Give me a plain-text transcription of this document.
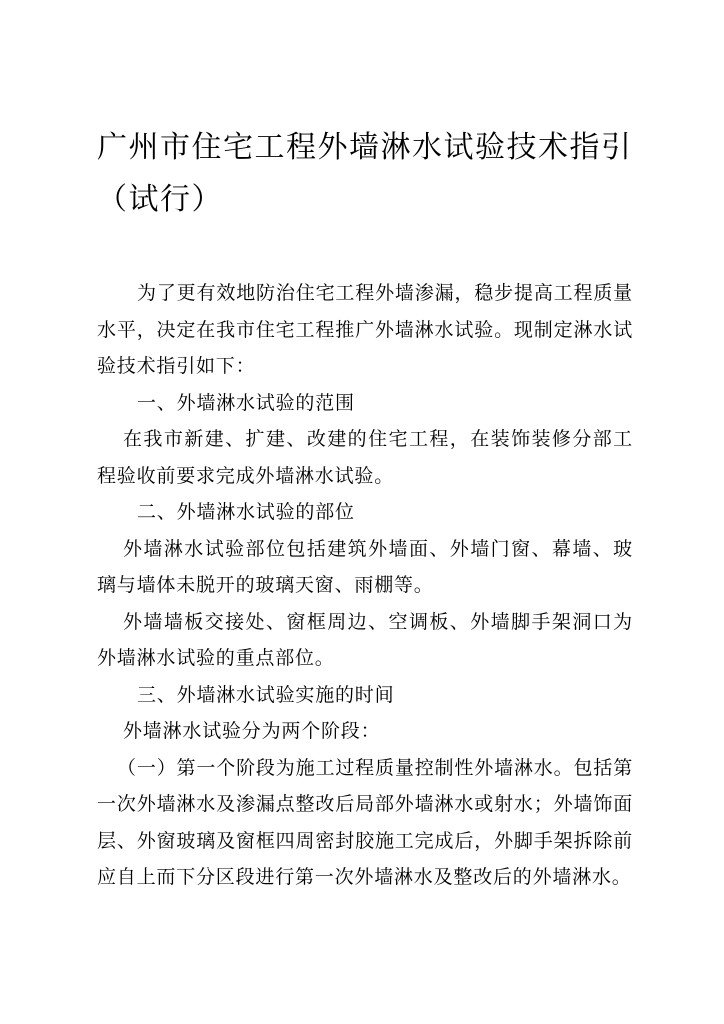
广州市住宅工程外墙淋水试验技术指引（试行）

为了更有效地防治住宅工程外墙渗漏，稳步提高工程质量水平，决定在我市住宅工程推广外墙淋水试验。现制定淋水试验技术指引如下：

一、外墙淋水试验的范围

在我市新建、扩建、改建的住宅工程，在装饰装修分部工程验收前要求完成外墙淋水试验。

二、外墙淋水试验的部位

外墙淋水试验部位包括建筑外墙面、外墙门窗、幕墙、玻璃与墙体未脱开的玻璃天窗、雨棚等。

外墙墙板交接处、窗框周边、空调板、外墙脚手架洞口为外墙淋水试验的重点部位。

三、外墙淋水试验实施的时间

外墙淋水试验分为两个阶段：

（一）第一个阶段为施工过程质量控制性外墙淋水。包括第一次外墙淋水及渗漏点整改后局部外墙淋水或射水；外墙饰面层、外窗玻璃及窗框四周密封胶施工完成后，外脚手架拆除前应自上而下分区段进行第一次外墙淋水及整改后的外墙淋水。
